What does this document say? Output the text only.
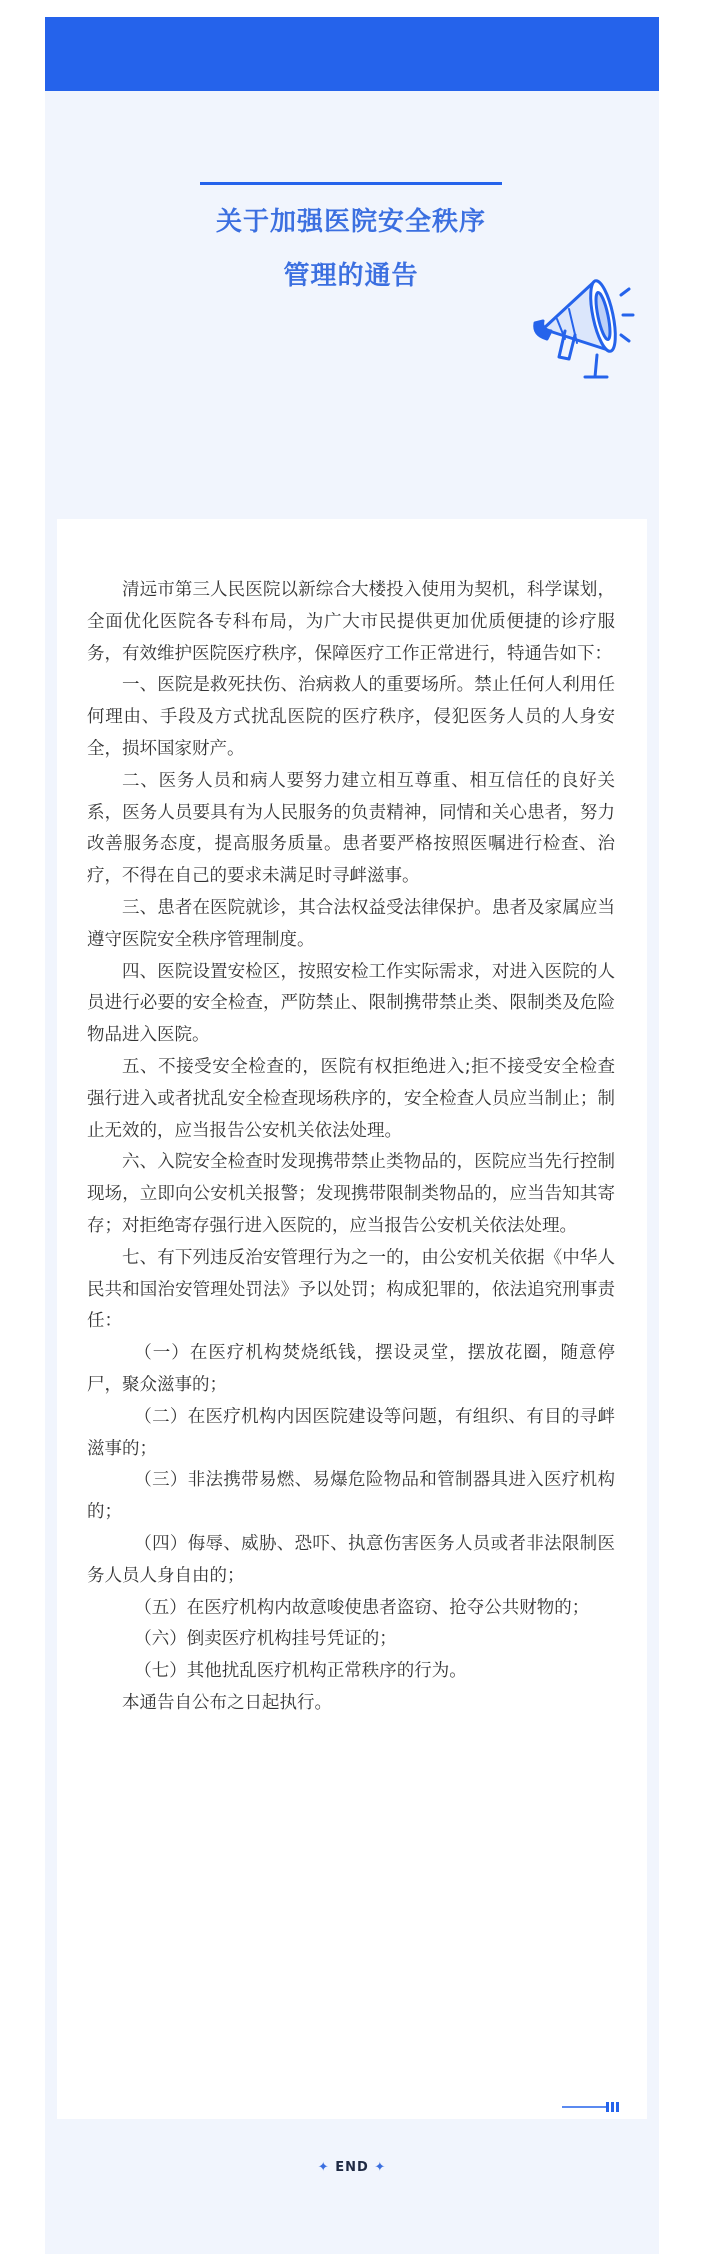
关于加强医院安全秩序
管理的通告

清远市第三人民医院以新综合大楼投入使用为契机，科学谋划，全面优化医院各专科布局，为广大市民提供更加优质便捷的诊疗服务，有效维护医院医疗秩序，保障医疗工作正常进行，特通告如下：

一、医院是救死扶伤、治病救人的重要场所。禁止任何人利用任何理由、手段及方式扰乱医院的医疗秩序，侵犯医务人员的人身安全，损坏国家财产。

二、医务人员和病人要努力建立相互尊重、相互信任的良好关系，医务人员要具有为人民服务的负责精神，同情和关心患者，努力改善服务态度，提高服务质量。患者要严格按照医嘱进行检查、治疗，不得在自己的要求未满足时寻衅滋事。

三、患者在医院就诊，其合法权益受法律保护。患者及家属应当遵守医院安全秩序管理制度。

四、医院设置安检区，按照安检工作实际需求，对进入医院的人员进行必要的安全检查，严防禁止、限制携带禁止类、限制类及危险物品进入医院。

五、不接受安全检查的，医院有权拒绝进入;拒不接受安全检查强行进入或者扰乱安全检查现场秩序的，安全检查人员应当制止；制止无效的，应当报告公安机关依法处理。

六、入院安全检查时发现携带禁止类物品的，医院应当先行控制现场，立即向公安机关报警；发现携带限制类物品的，应当告知其寄存；对拒绝寄存强行进入医院的，应当报告公安机关依法处理。

七、有下列违反治安管理行为之一的，由公安机关依据《中华人民共和国治安管理处罚法》予以处罚；构成犯罪的，依法追究刑事责任：

（一）在医疗机构焚烧纸钱，摆设灵堂，摆放花圈，随意停尸，聚众滋事的；

（二）在医疗机构内因医院建设等问题，有组织、有目的寻衅滋事的；

（三）非法携带易燃、易爆危险物品和管制器具进入医疗机构的；

（四）侮辱、威胁、恐吓、执意伤害医务人员或者非法限制医务人员人身自由的；

（五）在医疗机构内故意唆使患者盗窃、抢夺公共财物的；

（六）倒卖医疗机构挂号凭证的；

（七）其他扰乱医疗机构正常秩序的行为。

本通告自公布之日起执行。

✦ END ✦
